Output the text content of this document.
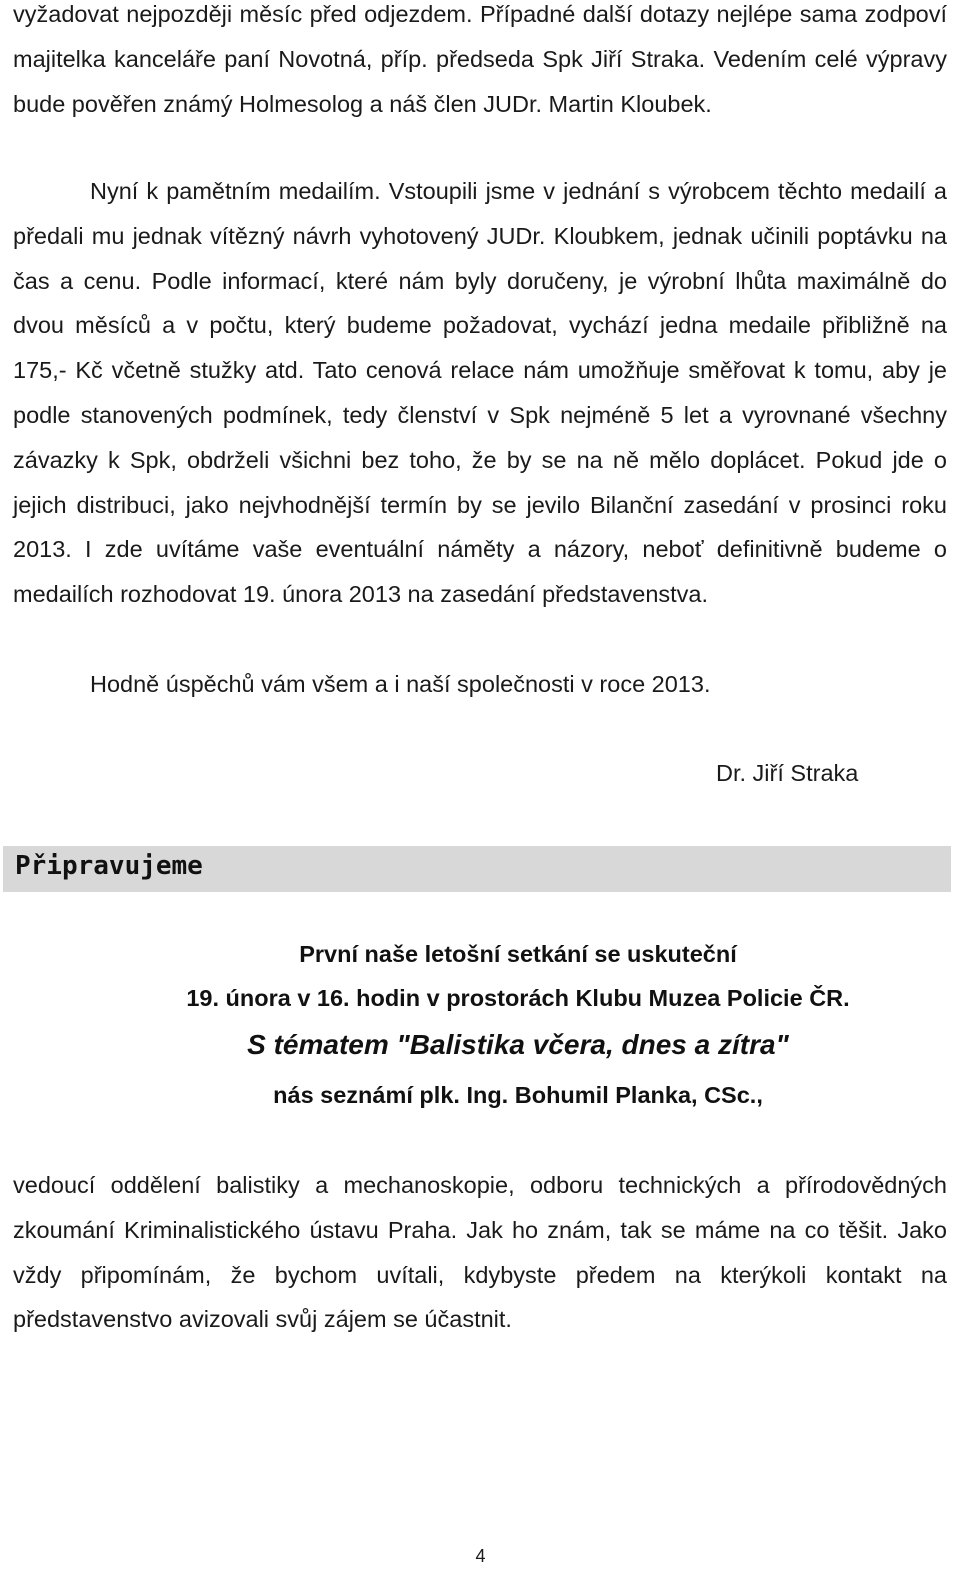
vyžadovat nejpozději měsíc před odjezdem. Případné další dotazy nejlépe sama zodpoví majitelka kanceláře paní Novotná, příp. předseda Spk Jiří Straka. Vedením celé výpravy bude pověřen známý Holmesolog a náš člen JUDr. Martin Kloubek.

Nyní k pamětním medailím. Vstoupili jsme v jednání s výrobcem těchto medailí a předali mu jednak vítězný návrh vyhotovený JUDr. Kloubkem, jednak učinili poptávku na čas a cenu. Podle informací, které nám byly doručeny, je výrobní lhůta maximálně do dvou měsíců a v počtu, který budeme požadovat, vychází jedna medaile přibližně na 175,- Kč včetně stužky atd. Tato cenová relace nám umožňuje směřovat k tomu, aby je podle stanovených podmínek, tedy členství v Spk nejméně 5 let a vyrovnané všechny závazky k Spk, obdrželi všichni bez toho, že by se na ně mělo doplácet. Pokud jde o jejich distribuci, jako nejvhodnější termín by se jevilo Bilanční zasedání v prosinci roku 2013. I zde uvítáme vaše eventuální náměty a názory, neboť definitivně budeme o medailích rozhodovat 19. února 2013 na zasedání představenstva.

Hodně úspěchů vám všem a i naší společnosti v roce 2013.

Dr. Jiří Straka

Připravujeme

První naše letošní setkání se uskuteční

19. února v 16. hodin v prostorách Klubu Muzea Policie ČR.

S tématem "Balistika včera, dnes a zítra"

nás seznámí plk. Ing. Bohumil Planka, CSc.,

vedoucí oddělení balistiky a mechanoskopie, odboru technických a přírodovědných zkoumání Kriminalistického ústavu Praha. Jak ho znám, tak se máme na co těšit. Jako vždy připomínám, že bychom uvítali, kdybyste předem na kterýkoli kontakt na představenstvo avizovali svůj zájem se účastnit.

4
